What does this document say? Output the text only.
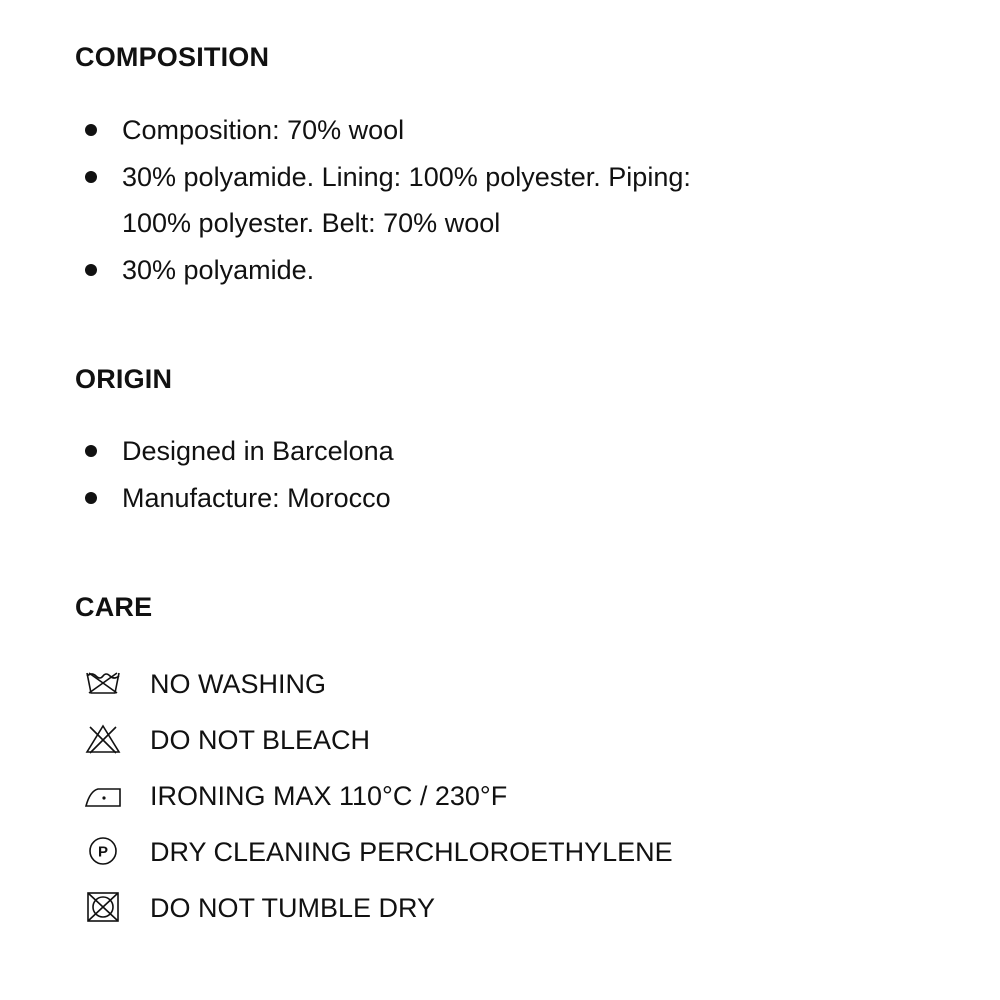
COMPOSITION
Composition: 70% wool
30% polyamide. Lining: 100% polyester. Piping: 100% polyester. Belt: 70% wool
30% polyamide.
ORIGIN
Designed in Barcelona
Manufacture: Morocco
CARE
NO WASHING
DO NOT BLEACH
IRONING MAX 110°C / 230°F
P DRY CLEANING PERCHLOROETHYLENE
DO NOT TUMBLE DRY
